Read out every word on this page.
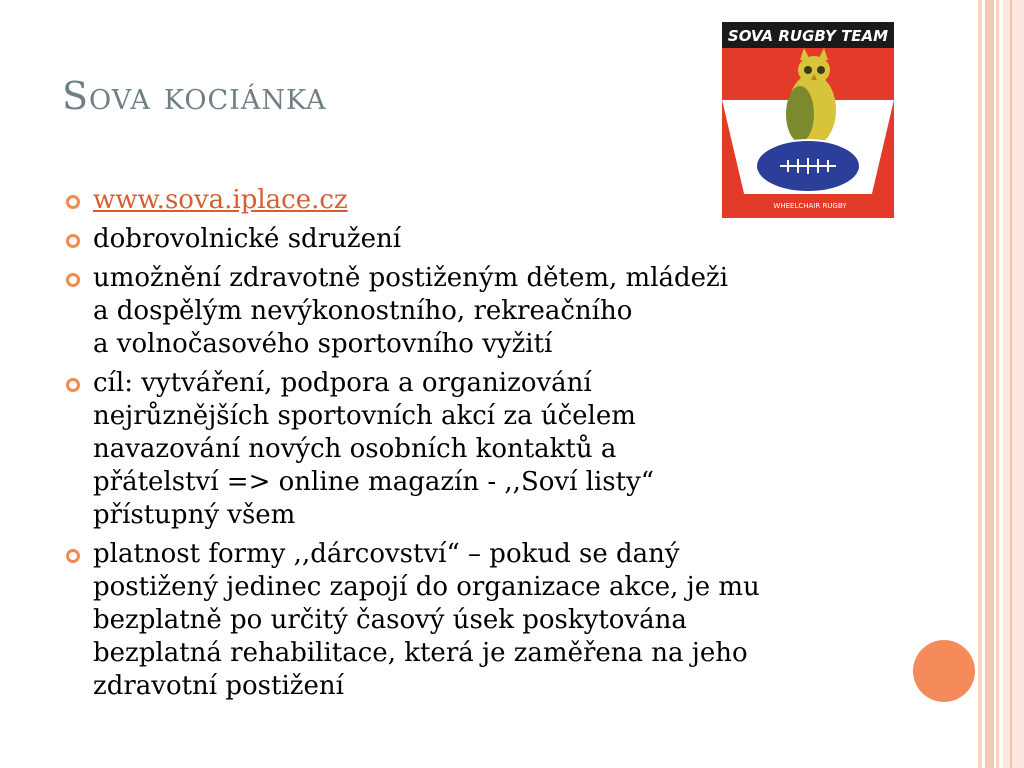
Sova kociánka
SOVA RUGBY TEAM
WHEELCHAIR RUGBY
www.sova.iplace.cz
dobrovolnické sdružení
umožnění zdravotně postiženým dětem, mládeži
a dospělým nevýkonostního, rekreačního
a volnočasového sportovního vyžití
cíl: vytváření, podpora a organizování
nejrůznějších sportovních akcí za účelem
navazování nových osobních kontaktů a
přátelství => online magazín - ,,Soví listy“
přístupný všem
platnost formy ,,dárcovství“ – pokud se daný
postižený jedinec zapojí do organizace akce, je mu
bezplatně po určitý časový úsek poskytována
bezplatná rehabilitace, která je zaměřena na jeho
zdravotní postižení
